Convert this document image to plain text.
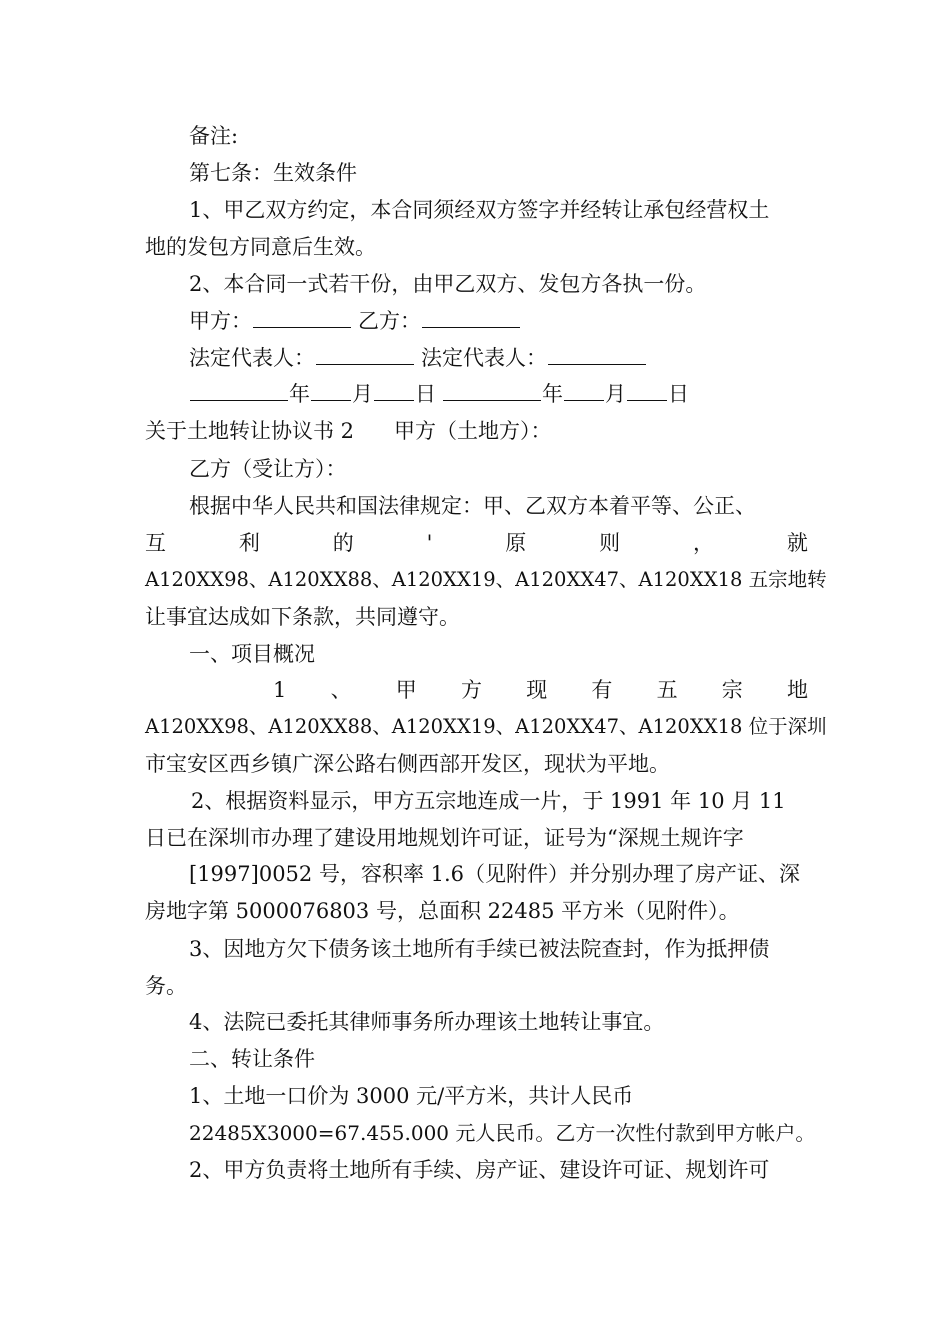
备注:
第七条：生效条件
1、甲乙双方约定，本合同须经双方签字并经转让承包经营权土
地的发包方同意后生效。
2、本合同一式若干份，由甲乙双方、发包方各执一份。
甲方：	乙方：
法定代表人：	法定代表人：
年 月 日	年 月 日
关于土地转让协议书 2 甲方（土地方）：
乙方（受让方）：
根据中华人民共和国法律规定：甲、乙双方本着平等、公正、
互	利	的	'	原	则	，	就
A120XX98、A120XX88、A120XX19、A120XX47、A120XX18 五宗地转
让事宜达成如下条款，共同遵守。
一、项目概况
1 、 甲 方 现 有 五 宗 地
A120XX98、A120XX88、A120XX19、A120XX47、A120XX18 位于深圳
市宝安区西乡镇广深公路右侧西部开发区，现状为平地。
2、根据资料显示，甲方五宗地连成一片，于 1991 年 10 月 11
日已在深圳市办理了建设用地规划许可证，证号为“深规土规许字
[1997]0052 号，容积率 1.6（见附件）并分别办理了房产证、深
房地字第 5000076803 号，总面积 22485 平方米（见附件）。
3、因地方欠下债务该土地所有手续已被法院查封，作为抵押债
务。
4、法院已委托其律师事务所办理该土地转让事宜。
二、转让条件
1、土地一口价为 3000 元/平方米，共计人民币
22485X3000=67.455.000 元人民币。乙方一次性付款到甲方帐户。
2、甲方负责将土地所有手续、房产证、建设许可证、规划许可
